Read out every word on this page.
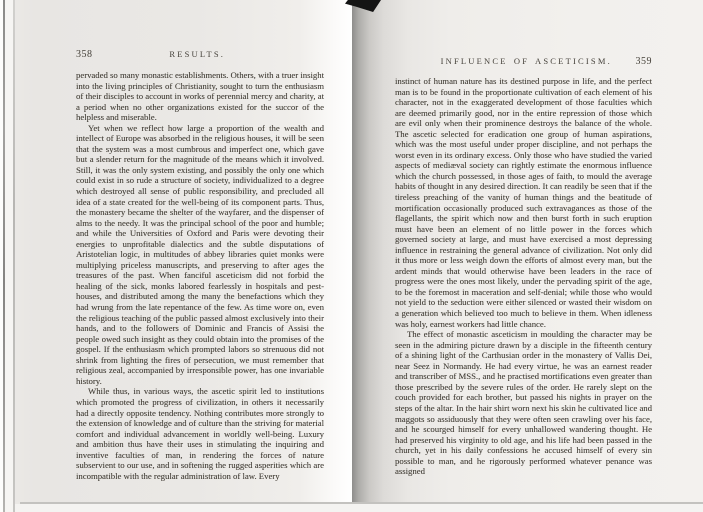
358	RESULTS.
INFLUENCE OF ASCETICISM. 359

pervaded so many monastic establishments. Others, with a truer insight into the living principles of Christianity, sought to turn the enthusiasm of their disciples to account in works of perennial mercy and charity, at a period when no other organizations existed for the succor of the helpless and miserable.

Yet when we reflect how large a proportion of the wealth and intellect of Europe was absorbed in the religious houses, it will be seen that the system was a most cumbrous and imperfect one, which gave but a slender return for the magnitude of the means which it involved. Still, it was the only system existing, and possibly the only one which could exist in so rude a structure of society, individualized to a degree which destroyed all sense of public responsibility, and precluded all idea of a state created for the well-being of its component parts. Thus, the monastery became the shelter of the wayfarer, and the dispenser of alms to the needy. It was the principal school of the poor and humble; and while the Universities of Oxford and Paris were devoting their energies to unprofitable dialectics and the subtle disputations of Aristotelian logic, in multitudes of abbey libraries quiet monks were multiplying priceless manuscripts, and preserving to after ages the treasures of the past. When fanciful asceticism did not forbid the healing of the sick, monks labored fearlessly in hospitals and pest-houses, and distributed among the many the benefactions which they had wrung from the late repentance of the few. As time wore on, even the religious teaching of the public passed almost exclusively into their hands, and to the followers of Dominic and Francis of Assisi the people owed such insight as they could obtain into the promises of the gospel. If the enthusiasm which prompted labors so strenuous did not shrink from lighting the fires of persecution, we must remember that religious zeal, accompanied by irresponsible power, has one invariable history.

While thus, in various ways, the ascetic spirit led to institutions which promoted the progress of civilization, in others it necessarily had a directly opposite tendency. Nothing contributes more strongly to the extension of knowledge and of culture than the striving for material comfort and individual advancement in worldly well-being. Luxury and ambition thus have their uses in stimulating the inquiring and inventive faculties of man, in rendering the forces of nature subservient to our use, and in softening the rugged asperities which are incompatible with the regular administration of law. Every

instinct of human nature has its destined purpose in life, and the perfect man is to be found in the proportionate cultivation of each element of his character, not in the exaggerated development of those faculties which are deemed primarily good, nor in the entire repression of those which are evil only when their prominence destroys the balance of the whole. The ascetic selected for eradication one group of human aspirations, which was the most useful under proper discipline, and not perhaps the worst even in its ordinary excess. Only those who have studied the varied aspects of mediæval society can rightly estimate the enormous influence which the church possessed, in those ages of faith, to mould the average habits of thought in any desired direction. It can readily be seen that if the tireless preaching of the vanity of human things and the beatitude of mortification occasionally produced such extravagances as those of the flagellants, the spirit which now and then burst forth in such eruption must have been an element of no little power in the forces which governed society at large, and must have exercised a most depressing influence in restraining the general advance of civilization. Not only did it thus more or less weigh down the efforts of almost every man, but the ardent minds that would otherwise have been leaders in the race of progress were the ones most likely, under the pervading spirit of the age, to be the foremost in maceration and self-denial; while those who would not yield to the seduction were either silenced or wasted their wisdom on a generation which believed too much to believe in them. When idleness was holy, earnest workers had little chance.

The effect of monastic asceticism in moulding the character may be seen in the admiring picture drawn by a disciple in the fifteenth century of a shining light of the Carthusian order in the monastery of Vallis Dei, near Seez in Normandy. He had every virtue, he was an earnest reader and transcriber of MSS., and he practised mortifications even greater than those prescribed by the severe rules of the order. He rarely slept on the couch provided for each brother, but passed his nights in prayer on the steps of the altar. In the hair shirt worn next his skin he cultivated lice and maggots so assiduously that they were often seen crawling over his face, and he scourged himself for every unhallowed wandering thought. He had preserved his virginity to old age, and his life had been passed in the church, yet in his daily confessions he accused himself of every sin possible to man, and he rigorously performed whatever penance was assigned
